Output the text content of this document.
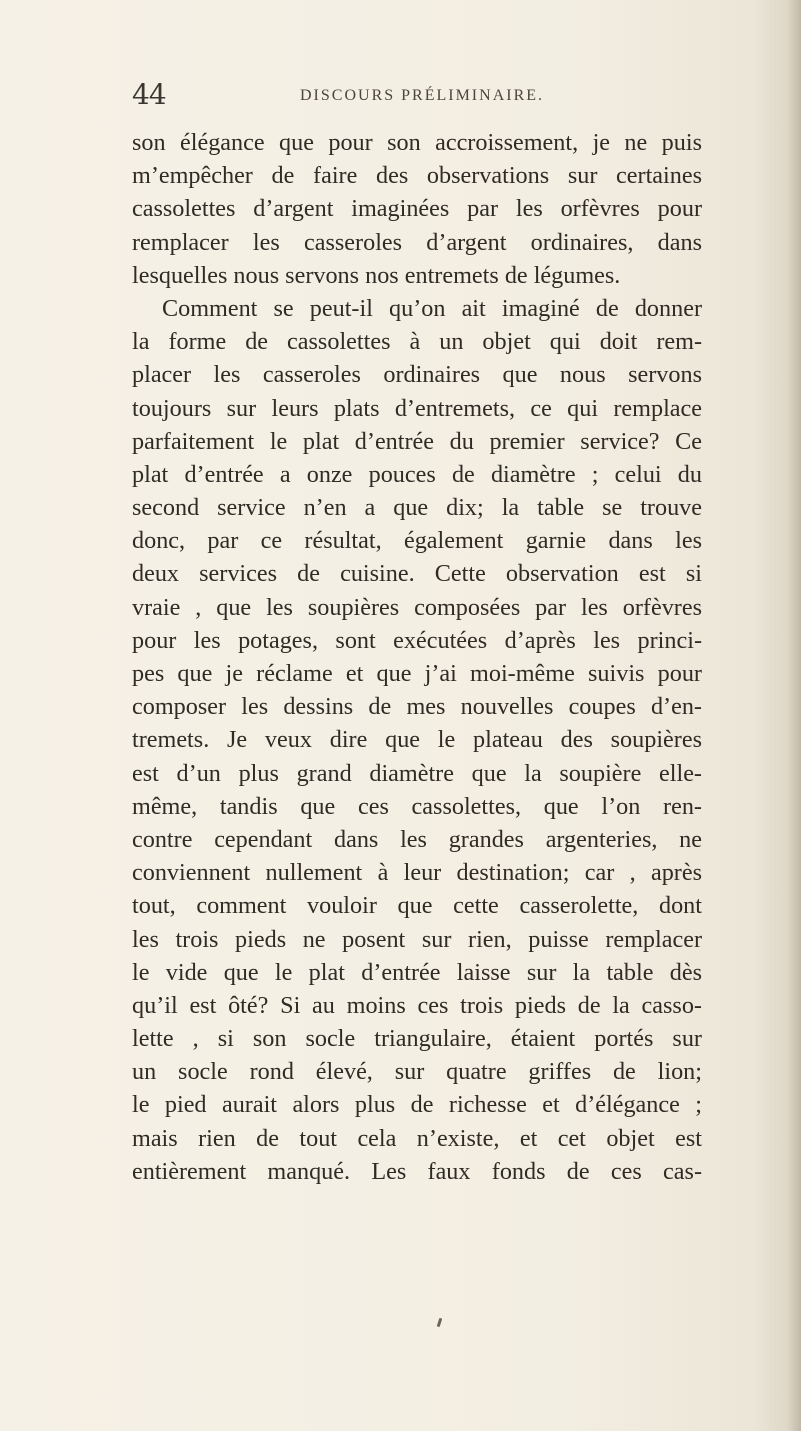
44	DISCOURS PRÉLIMINAIRE.
son élégance que pour son accroissement, je ne puis
m’empêcher de faire des observations sur certaines
cassolettes d’argent imaginées par les orfèvres pour
remplacer les casseroles d’argent ordinaires, dans
lesquelles nous servons nos entremets de légumes.
Comment se peut-il qu’on ait imaginé de donner
la forme de cassolettes à un objet qui doit rem-
placer les casseroles ordinaires que nous servons
toujours sur leurs plats d’entremets, ce qui remplace
parfaitement le plat d’entrée du premier service? Ce
plat d’entrée a onze pouces de diamètre ; celui du
second service n’en a que dix; la table se trouve
donc, par ce résultat, également garnie dans les
deux services de cuisine. Cette observation est si
vraie , que les soupières composées par les orfèvres
pour les potages, sont exécutées d’après les princi-
pes que je réclame et que j’ai moi-même suivis pour
composer les dessins de mes nouvelles coupes d’en-
tremets. Je veux dire que le plateau des soupières
est d’un plus grand diamètre que la soupière elle-
même, tandis que ces cassolettes, que l’on ren-
contre cependant dans les grandes argenteries, ne
conviennent nullement à leur destination; car , après
tout, comment vouloir que cette casserolette, dont
les trois pieds ne posent sur rien, puisse remplacer
le vide que le plat d’entrée laisse sur la table dès
qu’il est ôté? Si au moins ces trois pieds de la casso-
lette , si son socle triangulaire, étaient portés sur
un socle rond élevé, sur quatre griffes de lion;
le pied aurait alors plus de richesse et d’élégance ;
mais rien de tout cela n’existe, et cet objet est
entièrement manqué. Les faux fonds de ces cas-
